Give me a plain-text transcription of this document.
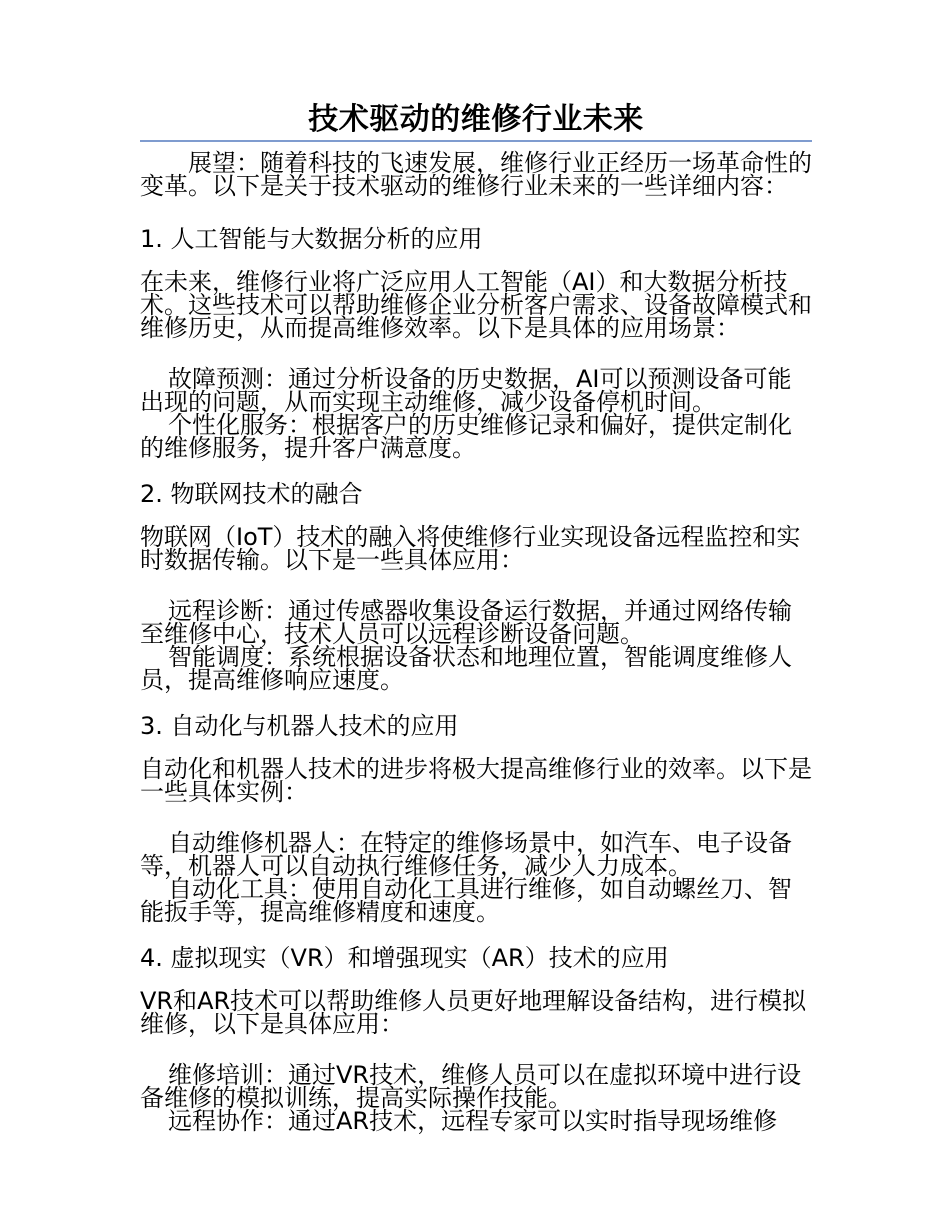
技术驱动的维修行业未来

展望：随着科技的飞速发展，维修行业正经历一场革命性的变革。以下是关于技术驱动的维修行业未来的一些详细内容：

1. 人工智能与大数据分析的应用

在未来，维修行业将广泛应用人工智能（AI）和大数据分析技术。这些技术可以帮助维修企业分析客户需求、设备故障模式和维修历史，从而提高维修效率。以下是具体的应用场景：

故障预测：通过分析设备的历史数据，AI可以预测设备可能出现的问题，从而实现主动维修，减少设备停机时间。

个性化服务：根据客户的历史维修记录和偏好，提供定制化的维修服务，提升客户满意度。

2. 物联网技术的融合

物联网（IoT）技术的融入将使维修行业实现设备远程监控和实时数据传输。以下是一些具体应用：

远程诊断：通过传感器收集设备运行数据，并通过网络传输至维修中心，技术人员可以远程诊断设备问题。

智能调度：系统根据设备状态和地理位置，智能调度维修人员，提高维修响应速度。

3. 自动化与机器人技术的应用

自动化和机器人技术的进步将极大提高维修行业的效率。以下是一些具体实例：

自动维修机器人：在特定的维修场景中，如汽车、电子设备等，机器人可以自动执行维修任务，减少人力成本。

自动化工具：使用自动化工具进行维修，如自动螺丝刀、智能扳手等，提高维修精度和速度。

4. 虚拟现实（VR）和增强现实（AR）技术的应用

VR和AR技术可以帮助维修人员更好地理解设备结构，进行模拟维修，以下是具体应用：

维修培训：通过VR技术，维修人员可以在虚拟环境中进行设备维修的模拟训练，提高实际操作技能。

远程协作：通过AR技术，远程专家可以实时指导现场维修
